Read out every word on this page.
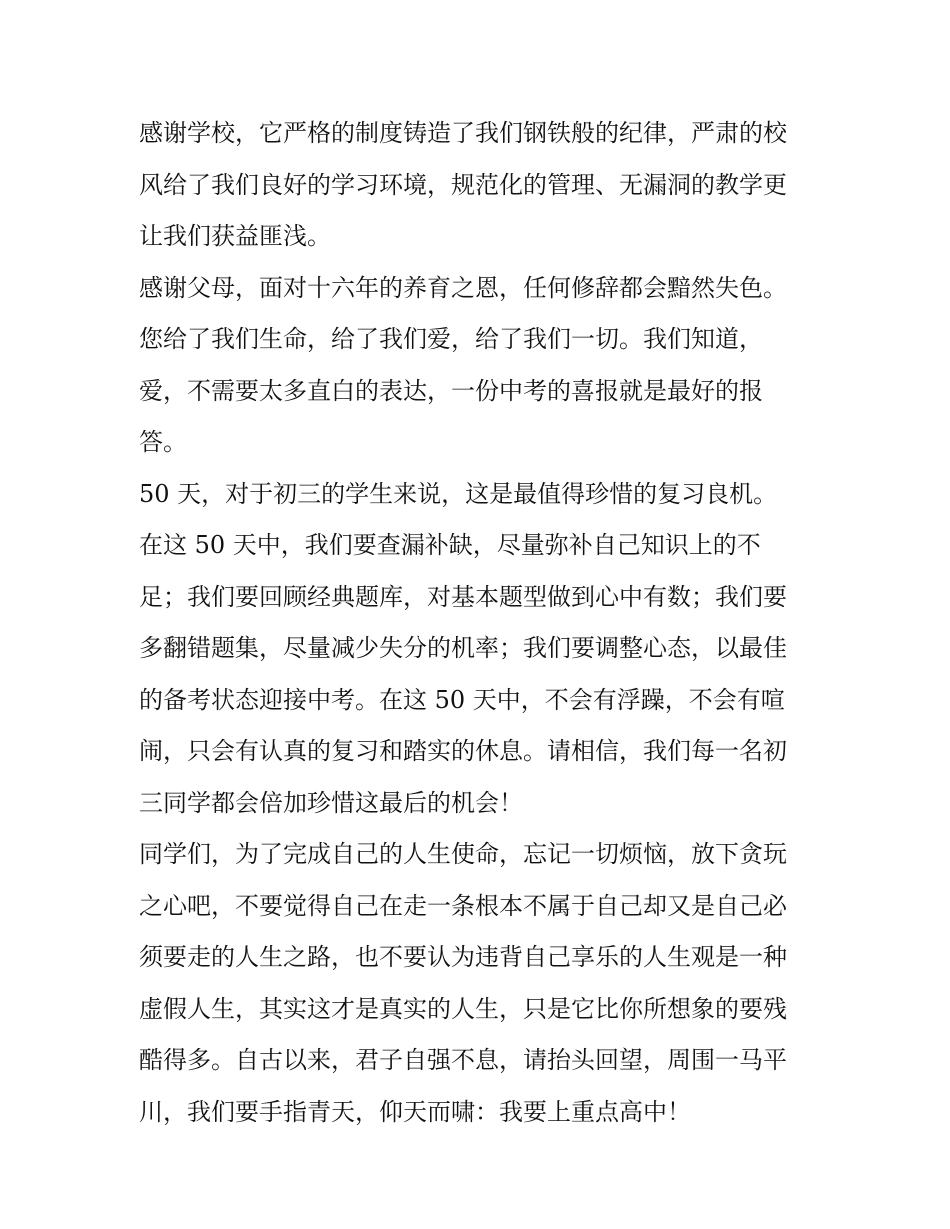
感谢学校，它严格的制度铸造了我们钢铁般的纪律，严肃的校
风给了我们良好的学习环境，规范化的管理、无漏洞的教学更
让我们获益匪浅。
感谢父母，面对十六年的养育之恩，任何修辞都会黯然失色。
您给了我们生命，给了我们爱，给了我们一切。我们知道，
爱，不需要太多直白的表达，一份中考的喜报就是最好的报
答。
50 天，对于初三的学生来说，这是最值得珍惜的复习良机。
在这 50 天中，我们要查漏补缺，尽量弥补自己知识上的不
足；我们要回顾经典题库，对基本题型做到心中有数；我们要
多翻错题集，尽量减少失分的机率；我们要调整心态，以最佳
的备考状态迎接中考。在这 50 天中，不会有浮躁，不会有喧
闹，只会有认真的复习和踏实的休息。请相信，我们每一名初
三同学都会倍加珍惜这最后的机会！
同学们，为了完成自己的人生使命，忘记一切烦恼，放下贪玩
之心吧，不要觉得自己在走一条根本不属于自己却又是自己必
须要走的人生之路，也不要认为违背自己享乐的人生观是一种
虚假人生，其实这才是真实的人生，只是它比你所想象的要残
酷得多。自古以来，君子自强不息，请抬头回望，周围一马平
川，我们要手指青天，仰天而啸：我要上重点高中！
